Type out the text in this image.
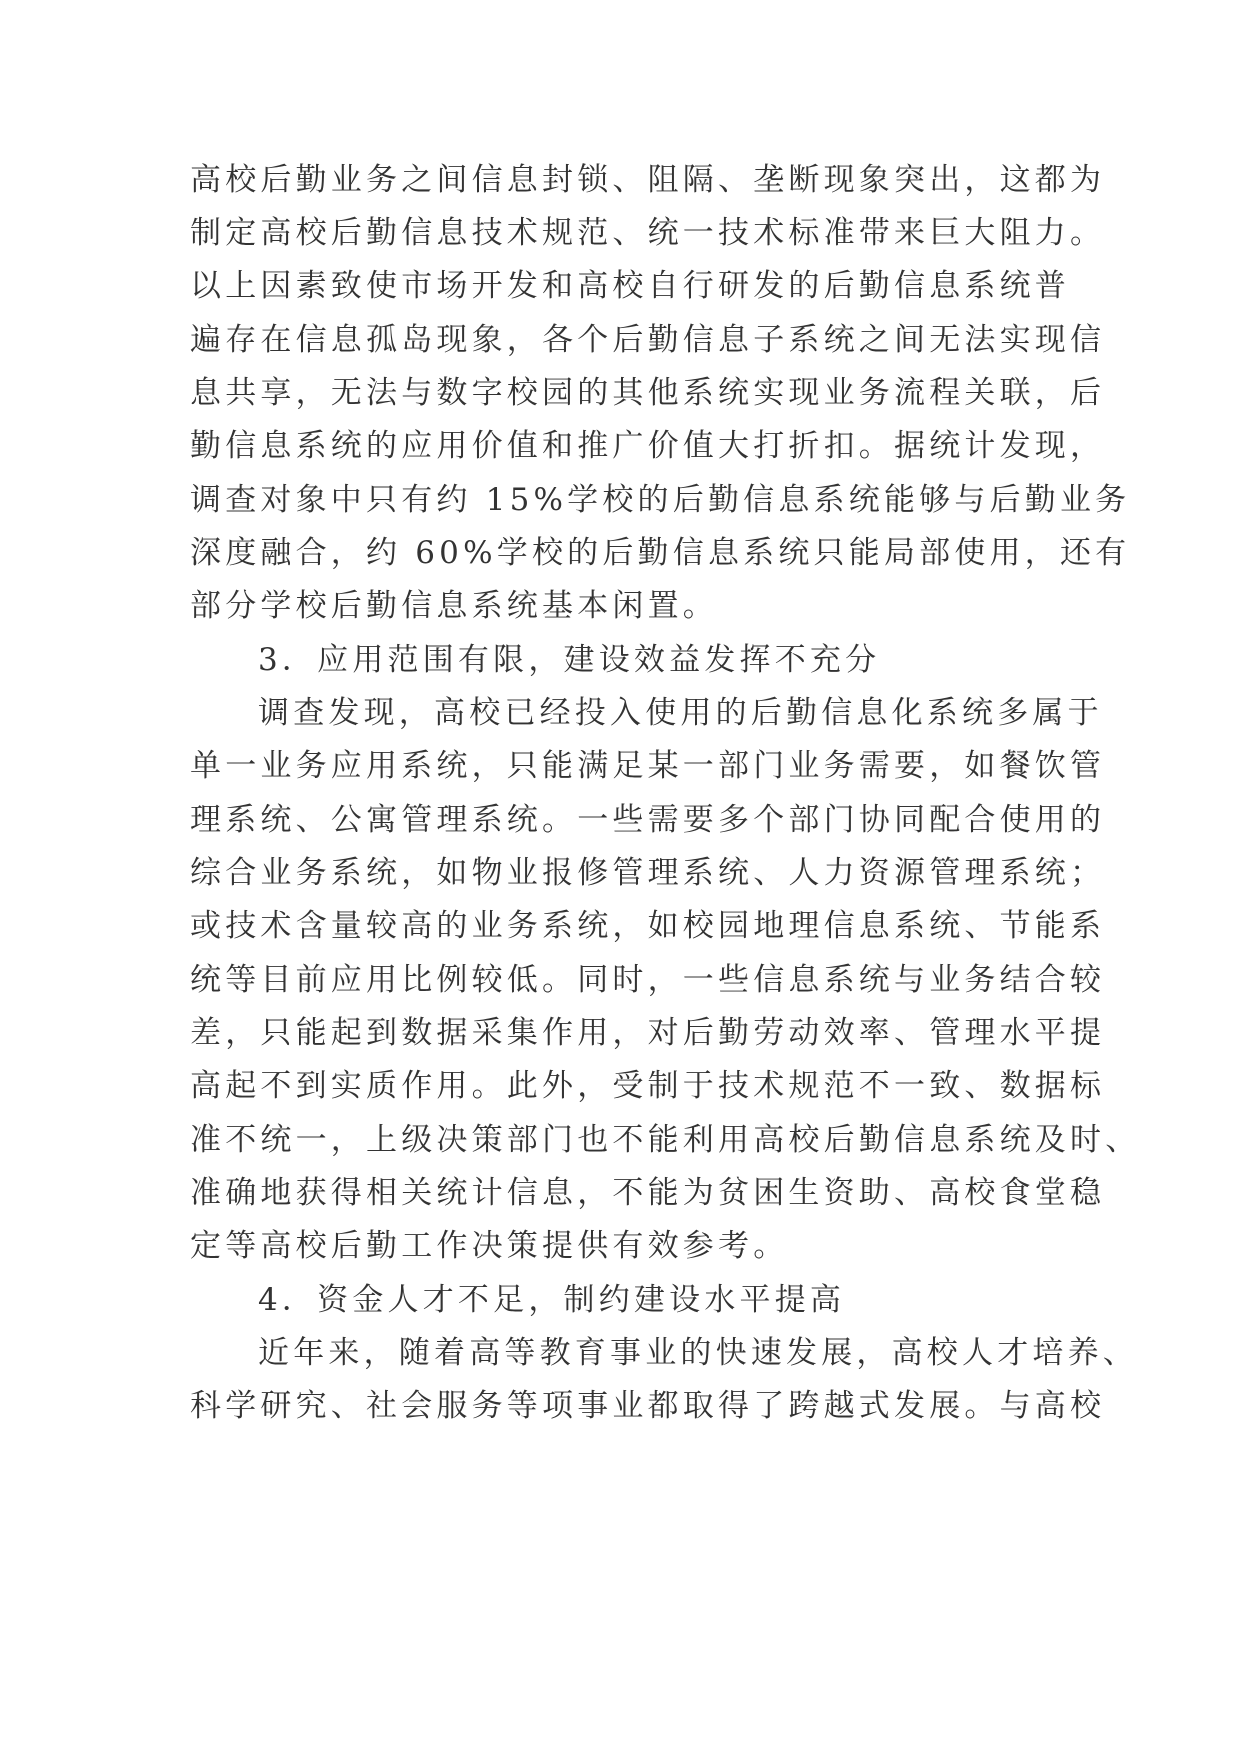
高校后勤业务之间信息封锁、阻隔、垄断现象突出，这都为
制定高校后勤信息技术规范、统一技术标准带来巨大阻力。
以上因素致使市场开发和高校自行研发的后勤信息系统普
遍存在信息孤岛现象，各个后勤信息子系统之间无法实现信
息共享，无法与数字校园的其他系统实现业务流程关联，后
勤信息系统的应用价值和推广价值大打折扣。据统计发现，
调查对象中只有约 15%学校的后勤信息系统能够与后勤业务
深度融合，约 60%学校的后勤信息系统只能局部使用，还有
部分学校后勤信息系统基本闲置。
3．应用范围有限，建设效益发挥不充分
调查发现，高校已经投入使用的后勤信息化系统多属于
单一业务应用系统，只能满足某一部门业务需要，如餐饮管
理系统、公寓管理系统。一些需要多个部门协同配合使用的
综合业务系统，如物业报修管理系统、人力资源管理系统；
或技术含量较高的业务系统，如校园地理信息系统、节能系
统等目前应用比例较低。同时，一些信息系统与业务结合较
差，只能起到数据采集作用，对后勤劳动效率、管理水平提
高起不到实质作用。此外，受制于技术规范不一致、数据标
准不统一，上级决策部门也不能利用高校后勤信息系统及时、
准确地获得相关统计信息，不能为贫困生资助、高校食堂稳
定等高校后勤工作决策提供有效参考。
4．资金人才不足，制约建设水平提高
近年来，随着高等教育事业的快速发展，高校人才培养、
科学研究、社会服务等项事业都取得了跨越式发展。与高校
